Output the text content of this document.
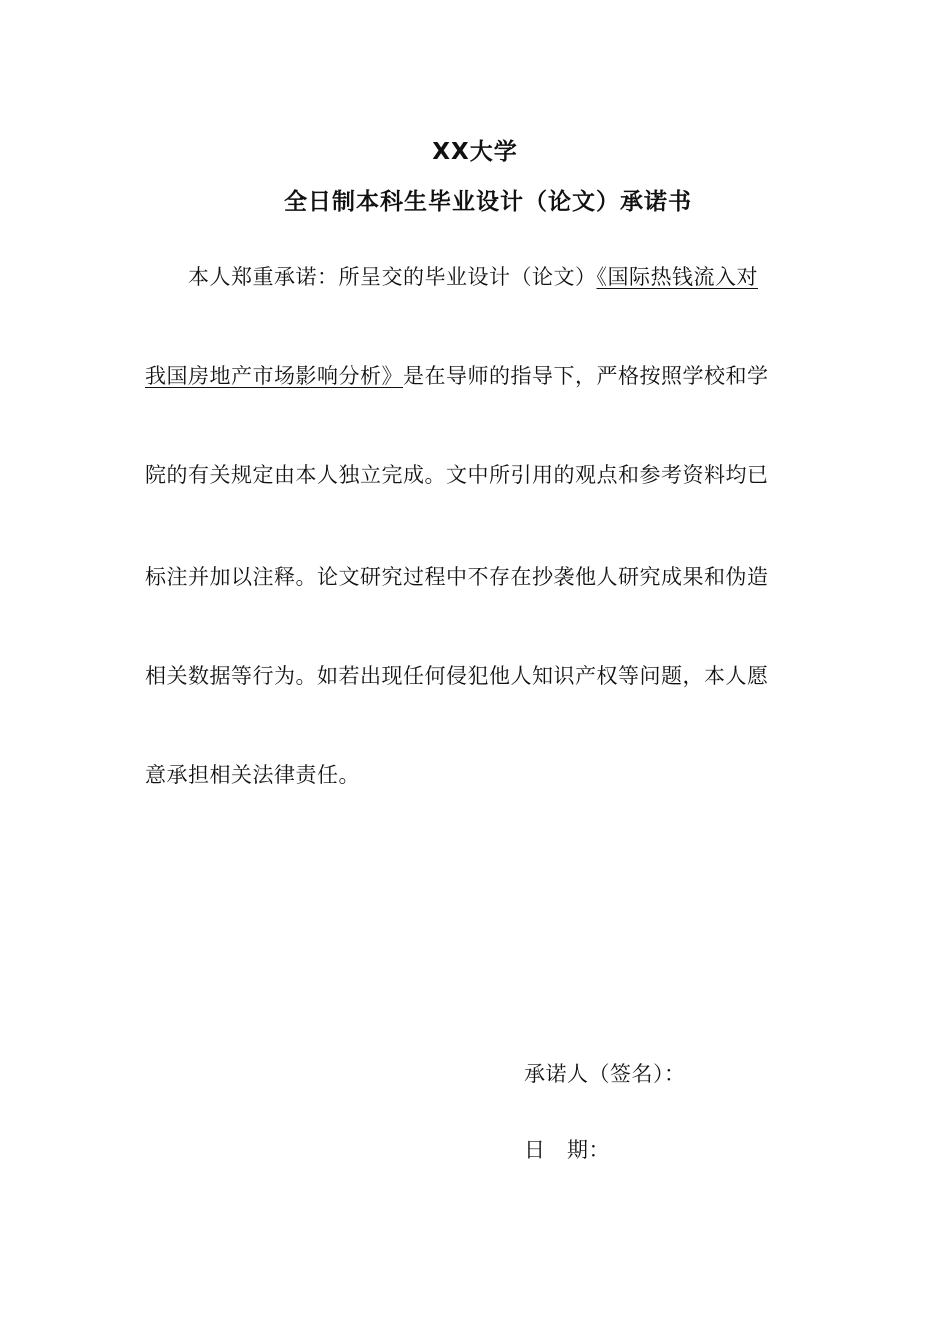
XX大学
全日制本科生毕业设计（论文）承诺书
本人郑重承诺：所呈交的毕业设计（论文）《国际热钱流入对
我国房地产市场影响分析》是在导师的指导下，严格按照学校和学
院的有关规定由本人独立完成。文中所引用的观点和参考资料均已
标注并加以注释。论文研究过程中不存在抄袭他人研究成果和伪造
相关数据等行为。如若出现任何侵犯他人知识产权等问题，本人愿
意承担相关法律责任。
承诺人（签名）：
日　期：
